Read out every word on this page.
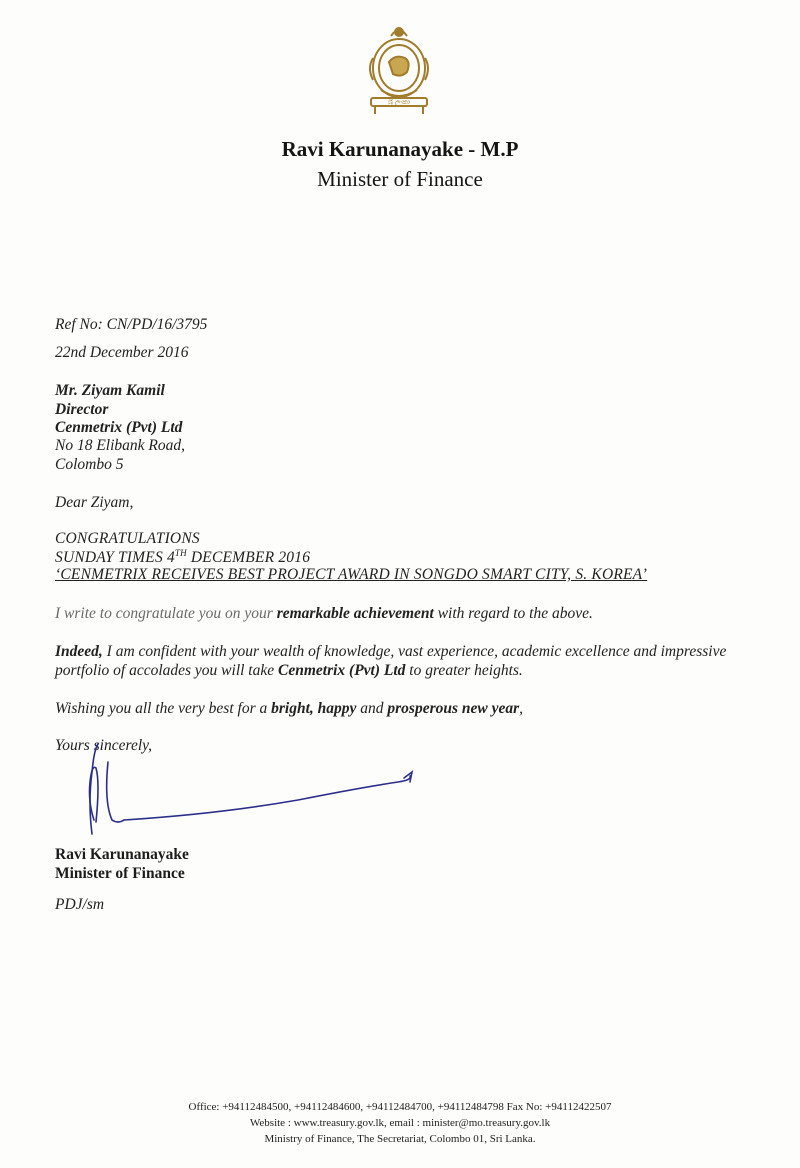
ශ්‍රී ලංකා
Ravi Karunanayake - M.P
Minister of Finance
Ref No: CN/PD/16/3795
22nd December 2016
Mr. Ziyam Kamil
Director
Cenmetrix (Pvt) Ltd
No 18 Elibank Road,
Colombo 5
Dear Ziyam,
CONGRATULATIONS
SUNDAY TIMES 4TH DECEMBER 2016
‘CENMETRIX RECEIVES BEST PROJECT AWARD IN SONGDO SMART CITY, S. KOREA’
I write to congratulate you on your remarkable achievement with regard to the above.
Indeed, I am confident with your wealth of knowledge, vast experience, academic excellence and impressive portfolio of accolades you will take Cenmetrix (Pvt) Ltd to greater heights.
Wishing you all the very best for a bright, happy and prosperous new year,
Yours sincerely,
Ravi Karunanayake
Minister of Finance
PDJ/sm
Office: +94112484500, +94112484600, +94112484700, +94112484798 Fax No: +94112422507
Website : www.treasury.gov.lk, email : minister@mo.treasury.gov.lk
Ministry of Finance, The Secretariat, Colombo 01, Sri Lanka.
